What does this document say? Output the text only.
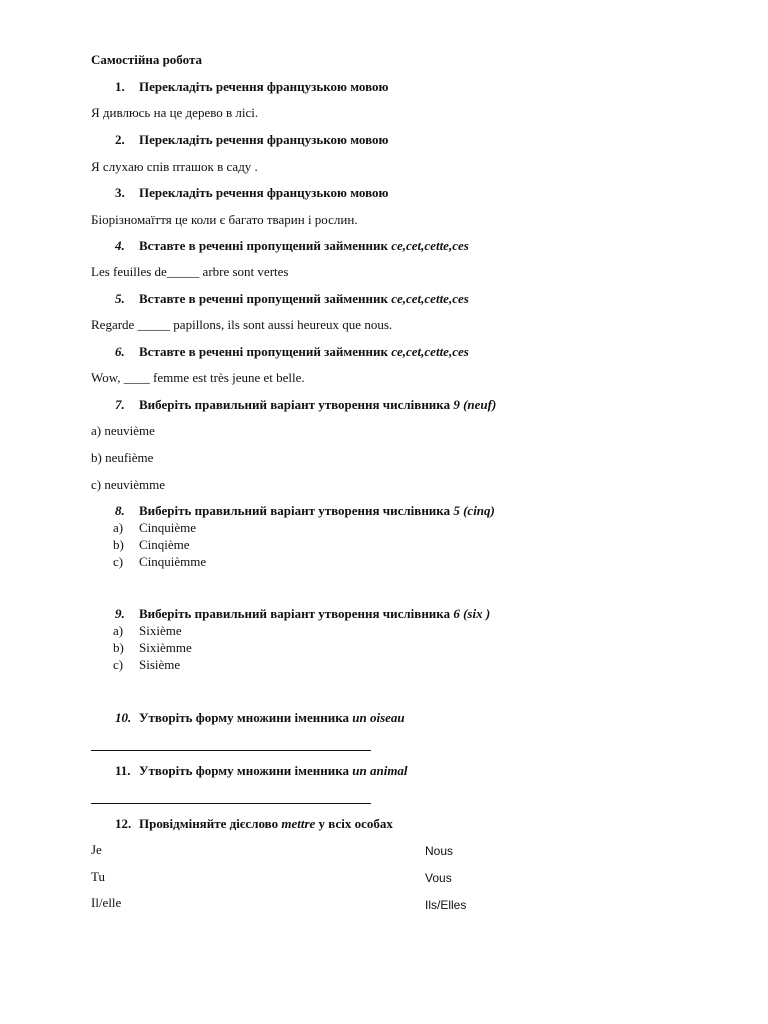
Самостійна робота
1. Перекладіть речення французькою мовою
Я дивлюсь на це дерево в лісі.
2. Перекладіть речення французькою мовою
Я слухаю спів пташок в саду .
3. Перекладіть речення французькою мовою
Біорізномаїття це коли є багато тварин і рослин.
4. Вставте в реченні пропущений займенник ce,cet,cette,ces
Les feuilles de_____ arbre sont vertes
5. Вставте в реченні пропущений займенник ce,cet,cette,ces
Regarde _____ papillons, ils sont aussi heureux que nous.
6. Вставте в реченні пропущений займенник ce,cet,cette,ces
Wow, ____ femme est très jeune et belle.
7. Виберіть правильний варіант утворення числівника 9 (neuf)
a) neuvième
b) neufième
c) neuvièmme
8. Виберіть правильний варіант утворення числівника 5 (cinq)
a) Cinquième
b) Cinqième
c) Cinquièmme
9. Виберіть правильний варіант утворення числівника 6 (six )
a) Sixième
b) Sixièmme
c) Sisième
10. Утворіть форму множини іменника un oiseau
11. Утворіть форму множини іменника un animal
12. Провідміняйте дієслово mettre у всіх особах
Je
Tu
Il/elle
Nous
Vous
Ils/Elles
